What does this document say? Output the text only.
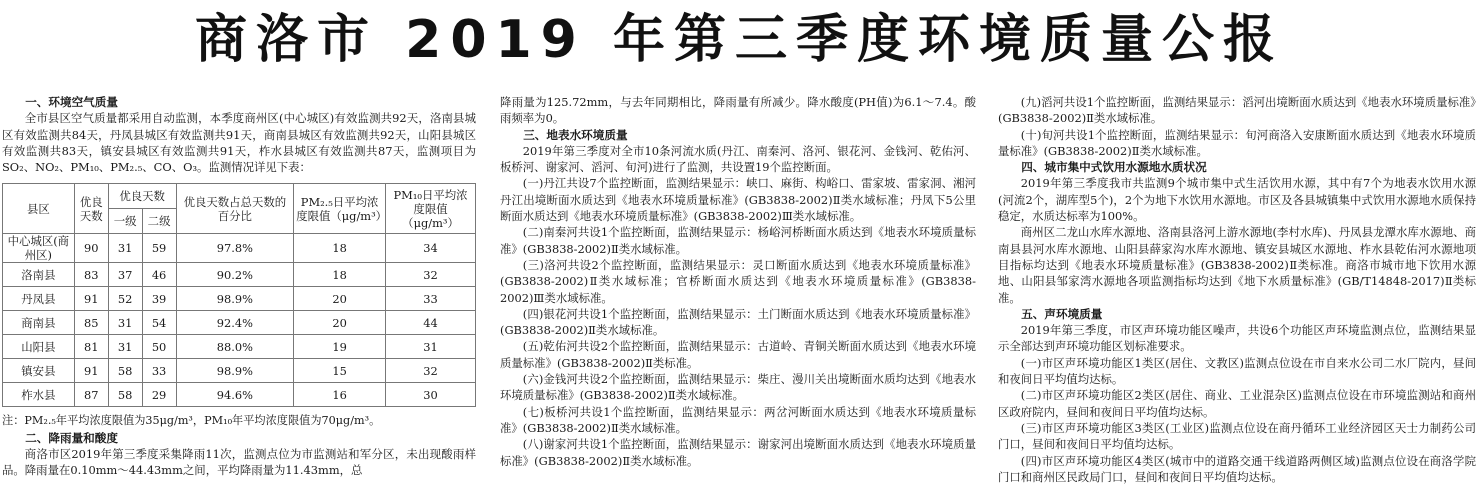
商洛市 2019 年第三季度环境质量公报
一、环境空气质量

全市县区空气质量都采用自动监测，本季度商州区(中心城区)有效监测共92天，洛南县城区有效监测共84天，丹凤县城区有效监测共91天，商南县城区有效监测共92天，山阳县城区有效监测共83天，镇安县城区有效监测共91天，柞水县城区有效监测共87天，监测项目为SO₂、NO₂、PM₁₀、PM₂.₅、CO、O₃。监测情况详见下表：

县区	优良天数	优良天数		优良天数占总天数的百分比	PM₂.₅日平均浓度限值（μg/m³）	PM₁₀日平均浓度限值（μg/m³）
		一级	二级			
中心城区(商州区)	90	31	59	97.8%	18	34
洛南县	83	37	46	90.2%	18	32
丹凤县	91	52	39	98.9%	20	33
商南县	85	31	54	92.4%	20	44
山阳县	81	31	50	88.0%	19	31
镇安县	91	58	33	98.9%	15	32
柞水县	87	58	29	94.6%	16	30

注：PM₂.₅年平均浓度限值为35μg/m³，PM₁₀年平均浓度限值为70μg/m³。

二、降雨量和酸度

商洛市区2019年第三季度采集降雨11次，监测点位为市监测站和军分区，未出现酸雨样品。降雨量在0.10mm～44.43mm之间，平均降雨量为11.43mm，总

降雨量为125.72mm，与去年同期相比，降雨量有所减少。降水酸度(PH值)为6.1～7.4。酸雨频率为0。

三、地表水环境质量

2019年第三季度对全市10条河流水质(丹江、南秦河、洛河、银花河、金钱河、乾佑河、板桥河、谢家河、滔河、旬河)进行了监测，共设置19个监控断面。

(一)丹江共设7个监控断面，监测结果显示：峡口、麻街、构峪口、雷家坡、雷家洞、湘河丹江出境断面水质达到《地表水环境质量标准》(GB3838-2002)Ⅱ类水域标准；丹凤下5公里断面水质达到《地表水环境质量标准》(GB3838-2002)Ⅲ类水域标准。

(二)南秦河共设1个监控断面，监测结果显示：杨峪河桥断面水质达到《地表水环境质量标准》(GB3838-2002)Ⅱ类水域标准。

(三)洛河共设2个监控断面，监测结果显示：灵口断面水质达到《地表水环境质量标准》(GB3838-2002)Ⅱ类水域标准；官桥断面水质达到《地表水环境质量标准》(GB3838-2002)Ⅲ类水域标准。

(四)银花河共设1个监控断面，监测结果显示：土门断面水质达到《地表水环境质量标准》(GB3838-2002)Ⅱ类水域标准。

(五)乾佑河共设2个监控断面，监测结果显示：古道岭、青铜关断面水质达到《地表水环境质量标准》(GB3838-2002)Ⅱ类标准。

(六)金钱河共设2个监控断面，监测结果显示：柴庄、漫川关出境断面水质均达到《地表水环境质量标准》(GB3838-2002)Ⅱ类水域标准。

(七)板桥河共设1个监控断面，监测结果显示：两岔河断面水质达到《地表水环境质量标准》(GB3838-2002)Ⅱ类水域标准。

(八)谢家河共设1个监控断面，监测结果显示：谢家河出境断面水质达到《地表水环境质量标准》(GB3838-2002)Ⅱ类水域标准。

(九)滔河共设1个监控断面，监测结果显示：滔河出境断面水质达到《地表水环境质量标准》(GB3838-2002)Ⅱ类水域标准。

(十)旬河共设1个监控断面，监测结果显示：旬河商洛入安康断面水质达到《地表水环境质量标准》(GB3838-2002)Ⅱ类水域标准。

四、城市集中式饮用水源地水质状况

2019年第三季度我市共监测9个城市集中式生活饮用水源，其中有7个为地表水饮用水源(河流2个，湖库型5个)，2个为地下水饮用水源地。市区及各县城镇集中式饮用水源地水质保持稳定，水质达标率为100%。

商州区二龙山水库水源地、洛南县洛河上游水源地(李村水库)、丹凤县龙潭水库水源地、商南县县河水库水源地、山阳县薛家沟水库水源地、镇安县城区水源地、柞水县乾佑河水源地项目指标均达到《地表水环境质量标准》(GB3838-2002)Ⅱ类标准。商洛市城市地下饮用水源地、山阳县邹家湾水源地各项监测指标均达到《地下水质量标准》(GB/T14848-2017)Ⅱ类标准。

五、声环境质量

2019年第三季度，市区声环境功能区噪声，共设6个功能区声环境监测点位，监测结果显示全部达到声环境功能区划标准要求。

(一)市区声环境功能区1类区(居住、文教区)监测点位设在市自来水公司二水厂院内，昼间和夜间日平均值均达标。

(二)市区声环境功能区2类区(居住、商业、工业混杂区)监测点位设在市环境监测站和商州区政府院内，昼间和夜间日平均值均达标。

(三)市区声环境功能区3类区(工业区)监测点位设在商丹循环工业经济园区天士力制药公司门口，昼间和夜间日平均值均达标。

(四)市区声环境功能区4类区(城市中的道路交通干线道路两侧区域)监测点位设在商洛学院门口和商州区民政局门口，昼间和夜间日平均值均达标。
